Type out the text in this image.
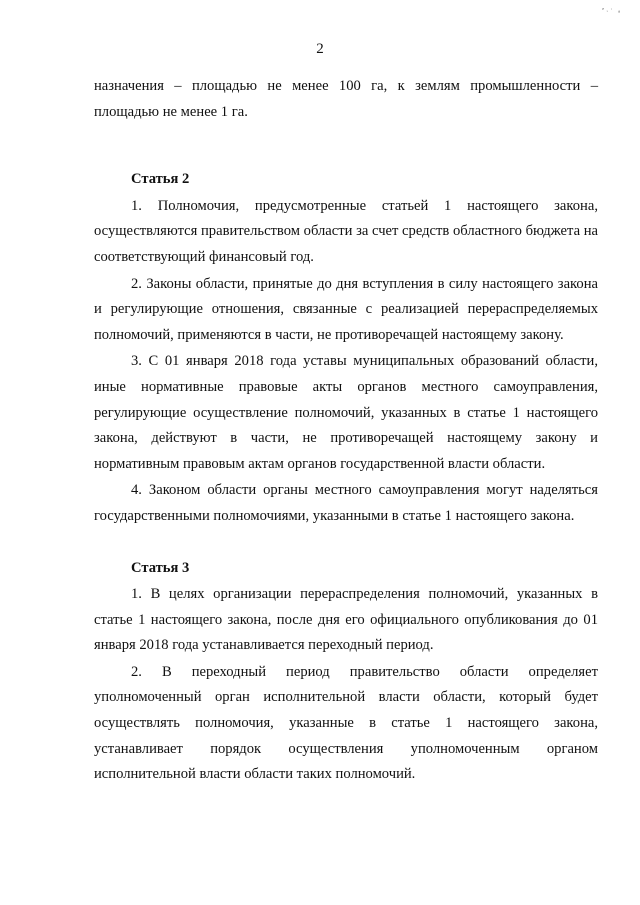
ᵉ˒ˑ ₐ
2

назначения – площадью не менее 100 га, к землям промышленности – площадью не менее 1 га.

Статья 2

1. Полномочия, предусмотренные статьей 1 настоящего закона, осуществляются правительством области за счет средств областного бюджета на соответствующий финансовый год.

2. Законы области, принятые до дня вступления в силу настоящего закона и регулирующие отношения, связанные с реализацией перераспределяемых полномочий, применяются в части, не противоречащей настоящему закону.

3. С 01 января 2018 года уставы муниципальных образований области, иные нормативные правовые акты органов местного самоуправления, регулирующие осуществление полномочий, указанных в статье 1 настоящего закона, действуют в части, не противоречащей настоящему закону и нормативным правовым актам органов государственной власти области.

4. Законом области органы местного самоуправления могут наделяться государственными полномочиями, указанными в статье 1 настоящего закона.

Статья 3

1. В целях организации перераспределения полномочий, указанных в статье 1 настоящего закона, после дня его официального опубликования до 01 января 2018 года устанавливается переходный период.

2. В переходный период правительство области определяет уполномоченный орган исполнительной власти области, который будет осуществлять полномочия, указанные в статье 1 настоящего закона, устанавливает порядок осуществления уполномоченным органом исполнительной власти области таких полномочий.
